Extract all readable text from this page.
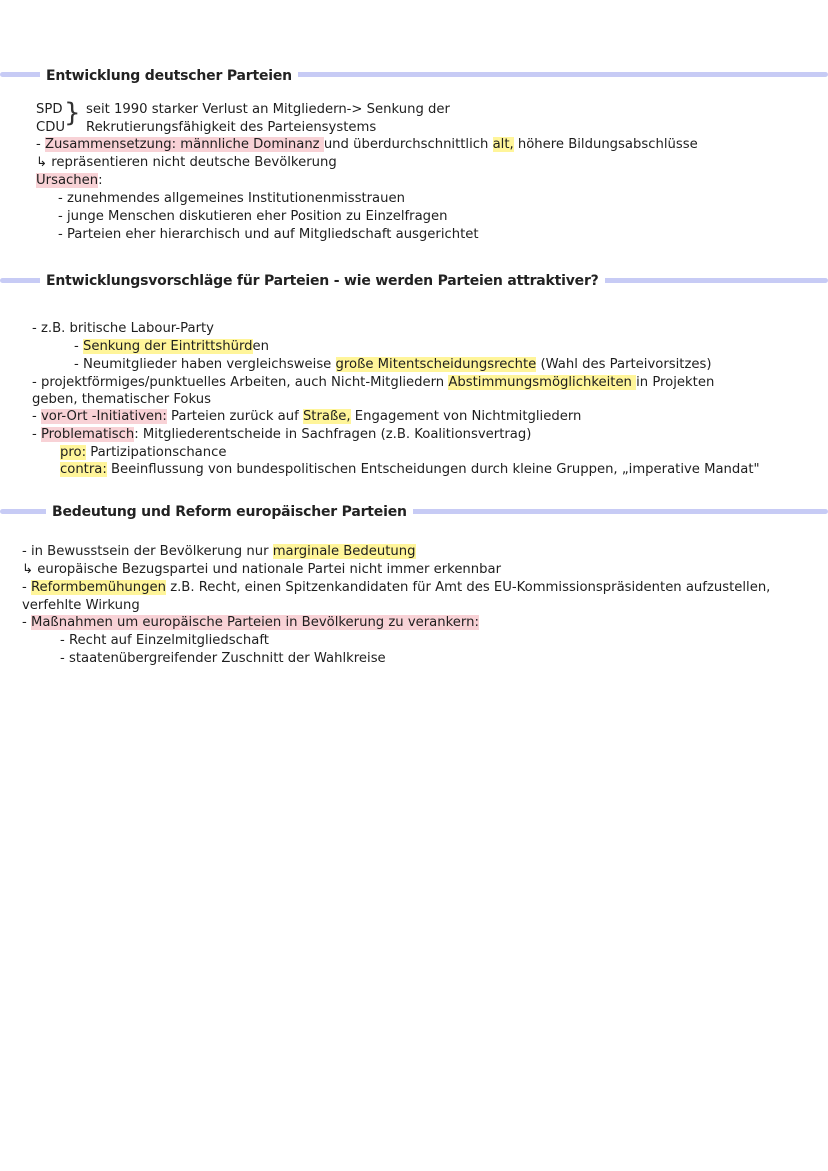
Entwicklung deutscher Parteien
SPD
CDU
} seit 1990 starker Verlust an Mitgliedern-> Senkung der
Rekrutierungsfähigkeit des Parteiensystems
- Zusammensetzung: männliche Dominanz und überdurchschnittlich alt, höhere Bildungsabschlüsse
↳ repräsentieren nicht deutsche Bevölkerung
Ursachen:
- zunehmendes allgemeines Institutionenmisstrauen
- junge Menschen diskutieren eher Position zu Einzelfragen
- Parteien eher hierarchisch und auf Mitgliedschaft ausgerichtet
Entwicklungsvorschläge für Parteien - wie werden Parteien attraktiver?
- z.B. britische Labour-Party
- Senkung der Eintrittshürden
- Neumitglieder haben vergleichsweise große Mitentscheidungsrechte (Wahl des Parteivorsitzes)
- projektförmiges/punktuelles Arbeiten, auch Nicht-Mitgliedern Abstimmungsmöglichkeiten in Projekten
geben, thematischer Fokus
- vor-Ort -Initiativen: Parteien zurück auf Straße, Engagement von Nichtmitgliedern
- Problematisch: Mitgliederentscheide in Sachfragen (z.B. Koalitionsvertrag)
pro: Partizipationschance
contra: Beeinflussung von bundespolitischen Entscheidungen durch kleine Gruppen, „imperative Mandat"
Bedeutung und Reform europäischer Parteien
- in Bewusstsein der Bevölkerung nur marginale Bedeutung
↳ europäische Bezugspartei und nationale Partei nicht immer erkennbar
- Reformbemühungen z.B. Recht, einen Spitzenkandidaten für Amt des EU-Kommissionspräsidenten aufzustellen,
verfehlte Wirkung
- Maßnahmen um europäische Parteien in Bevölkerung zu verankern:
- Recht auf Einzelmitgliedschaft
- staatenübergreifender Zuschnitt der Wahlkreise
